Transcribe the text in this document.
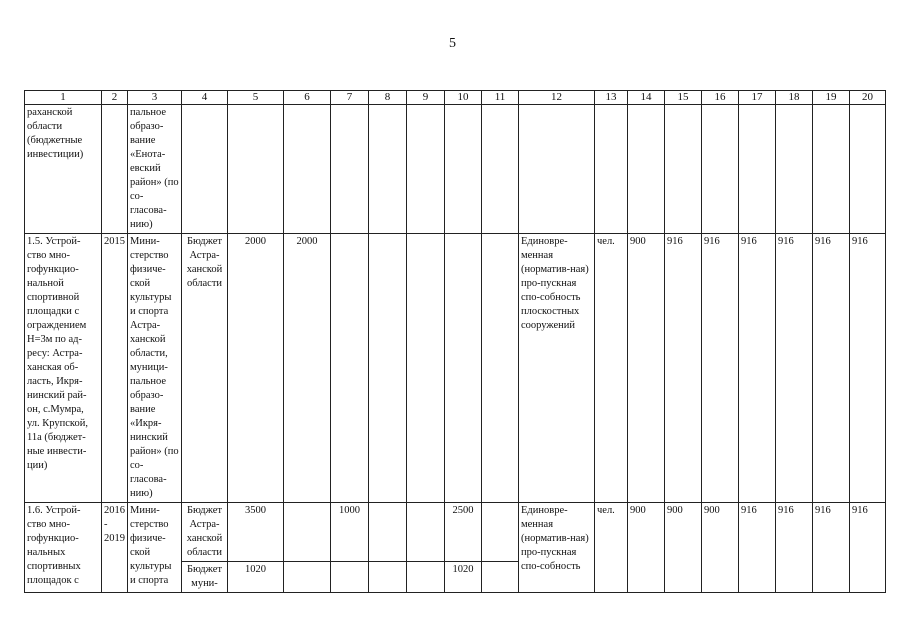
5
1	2	3	4	5	6	7	8	9	10	11	12	13	14	15	16	17	18	19	20
раханской области (бюджетные инвестиции)		пальное образо-вание «Енота-евский район» (по со-гласова-нию)																	
1.5. Устрой-ство мно-гофункцио-нальной спортивной площадки с ограждением Н=3м по ад-ресу: Астра-ханская об-ласть, Икря-нинский рай-он, с.Мумра, ул. Крупской, 11а (бюджет-ные инвести-ции)	2015	Мини-стерство физиче-ской культуры и спорта Астра-ханской области, муници-пальное образо-вание «Икря-нинский район» (по со-гласова-нию)	Бюджет Астра-ханской области	2000	2000						Единовре-менная (норматив-ная) про-пускная спо-собность плоскостных сооружений	чел.	900	916	916	916	916	916	916
1.6. Устрой-ство мно-гофункцио-нальных спортивных площадок с	2016 - 2019	Мини-стерство физиче-ской культуры и спорта	Бюджет Астра-ханской области	3500		1000			2500		Единовре-менная (норматив-ная) про-пускная спо-собность	чел.	900	900	900	916	916	916	916
			Бюджет муни-	1020					1020										
